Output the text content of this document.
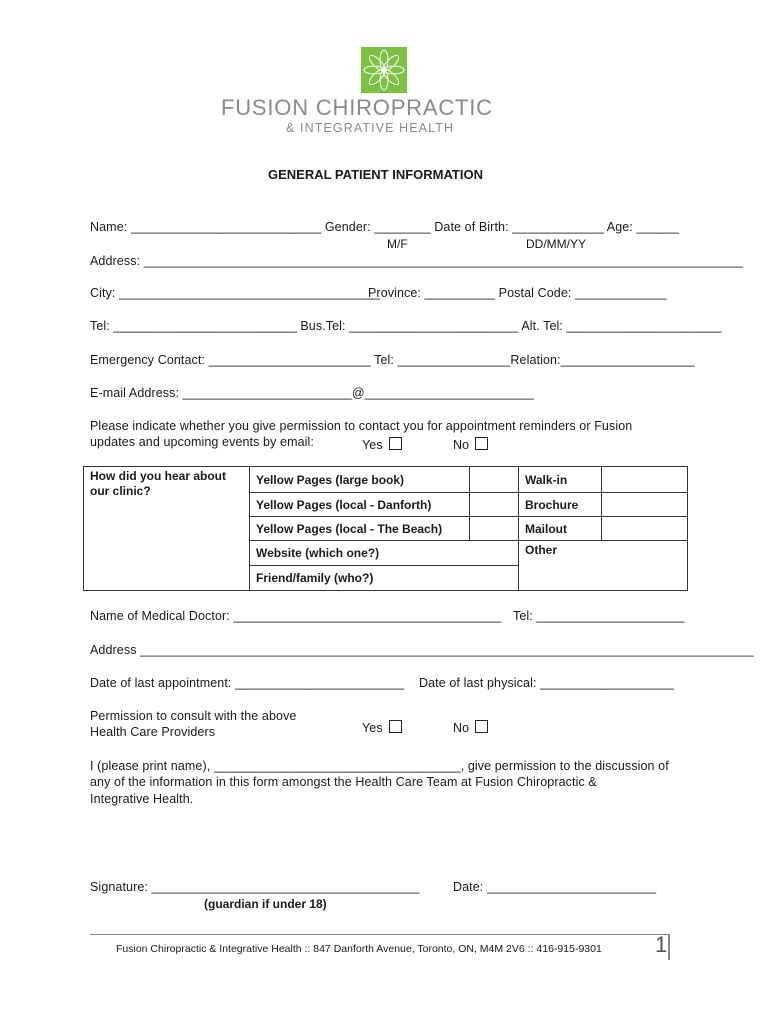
FUSION CHIROPRACTIC
& INTEGRATIVE HEALTH
GENERAL PATIENT INFORMATION
Name: ___________________________ Gender: ________ Date of Birth: _____________ Age: ______
M/F	DD/MM/YY
Address: _____________________________________________________________________________________
City: _____________________________________
Province: __________ Postal Code: _____________
Tel: __________________________ Bus.Tel: ________________________ Alt. Tel: ______________________
Emergency Contact: _______________________ Tel: ________________Relation:___________________
E-mail Address: ________________________@________________________
Please indicate whether you give permission to contact you for appointment reminders or Fusion
updates and upcoming events by email:	Yes	No
How did you hear about our clinic?	Yellow Pages (large book)		Walk-in	
	Yellow Pages (local - Danforth)		Brochure	
	Yellow Pages (local - The Beach)		Mailout	
	Website (which one?)		Other	
	Friend/family (who?)			
Name of Medical Doctor: ______________________________________ Tel: _____________________
Address _______________________________________________________________________________________
Date of last appointment: ________________________ Date of last physical: ___________________
Permission to consult with the above
Health Care Providers	Yes	No
I (please print name), ___________________________________, give permission to the discussion of
any of the information in this form amongst the Health Care Team at Fusion Chiropractic &
Integrative Health.
Signature: ______________________________________
(guardian if under 18)
Date: ________________________
Fusion Chiropractic & Integrative Health :: 847 Danforth Avenue, Toronto, ON, M4M 2V6 :: 416-915-9301 1
